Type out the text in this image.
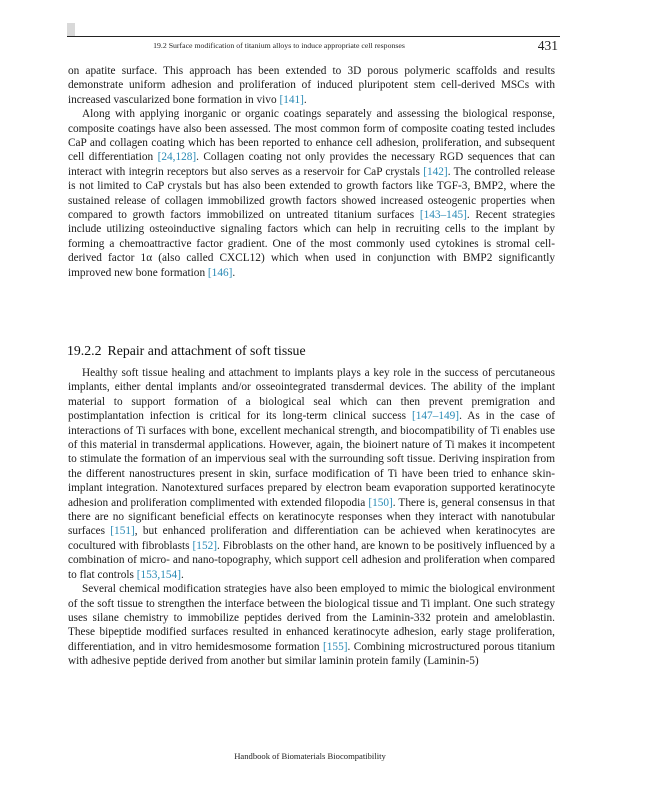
19.2 Surface modification of titanium alloys to induce appropriate cell responses	431

on apatite surface. This approach has been extended to 3D porous polymeric scaffolds and results demonstrate uniform adhesion and proliferation of induced pluripotent stem cell-derived MSCs with increased vascularized bone formation in vivo [141].

Along with applying inorganic or organic coatings separately and assessing the biological response, composite coatings have also been assessed. The most common form of composite coating tested includes CaP and collagen coating which has been reported to enhance cell adhesion, proliferation, and subsequent cell differentiation [24,128]. Collagen coating not only provides the necessary RGD sequences that can interact with integrin receptors but also serves as a reservoir for CaP crystals [142]. The controlled release is not limited to CaP crystals but has also been extended to growth factors like TGF-3, BMP2, where the sustained release of collagen immobilized growth factors showed increased osteogenic properties when compared to growth factors immobilized on untreated titanium surfaces [143–145]. Recent strategies include utilizing osteoinductive signaling factors which can help in recruiting cells to the implant by forming a chemoattractive factor gradient. One of the most commonly used cytokines is stromal cell-derived factor 1α (also called CXCL12) which when used in conjunction with BMP2 significantly improved new bone formation [146].

19.2.2 Repair and attachment of soft tissue

Healthy soft tissue healing and attachment to implants plays a key role in the success of percutaneous implants, either dental implants and/or osseointegrated transdermal devices. The ability of the implant material to support formation of a biological seal which can then prevent premigration and postimplantation infection is critical for its long-term clinical success [147–149]. As in the case of interactions of Ti surfaces with bone, excellent mechanical strength, and biocompatibility of Ti enables use of this material in transdermal applications. However, again, the bioinert nature of Ti makes it incompetent to stimulate the formation of an impervious seal with the surrounding soft tissue. Deriving inspiration from the different nanostructures present in skin, surface modification of Ti have been tried to enhance skin-implant integration. Nanotextured surfaces prepared by electron beam evaporation supported keratinocyte adhesion and proliferation complimented with extended filopodia [150]. There is, general consensus in that there are no significant beneficial effects on keratinocyte responses when they interact with nanotubular surfaces [151], but enhanced proliferation and differentiation can be achieved when keratinocytes are cocultured with fibroblasts [152]. Fibroblasts on the other hand, are known to be positively influenced by a combination of micro- and nano-topography, which support cell adhesion and proliferation when compared to flat controls [153,154].

Several chemical modification strategies have also been employed to mimic the biological environment of the soft tissue to strengthen the interface between the biological tissue and Ti implant. One such strategy uses silane chemistry to immobilize peptides derived from the Laminin-332 protein and ameloblastin. These bipeptide modified surfaces resulted in enhanced keratinocyte adhesion, early stage proliferation, differentiation, and in vitro hemidesmosome formation [155]. Combining microstructured porous titanium with adhesive peptide derived from another but similar laminin protein family (Laminin-5)

Handbook of Biomaterials Biocompatibility
